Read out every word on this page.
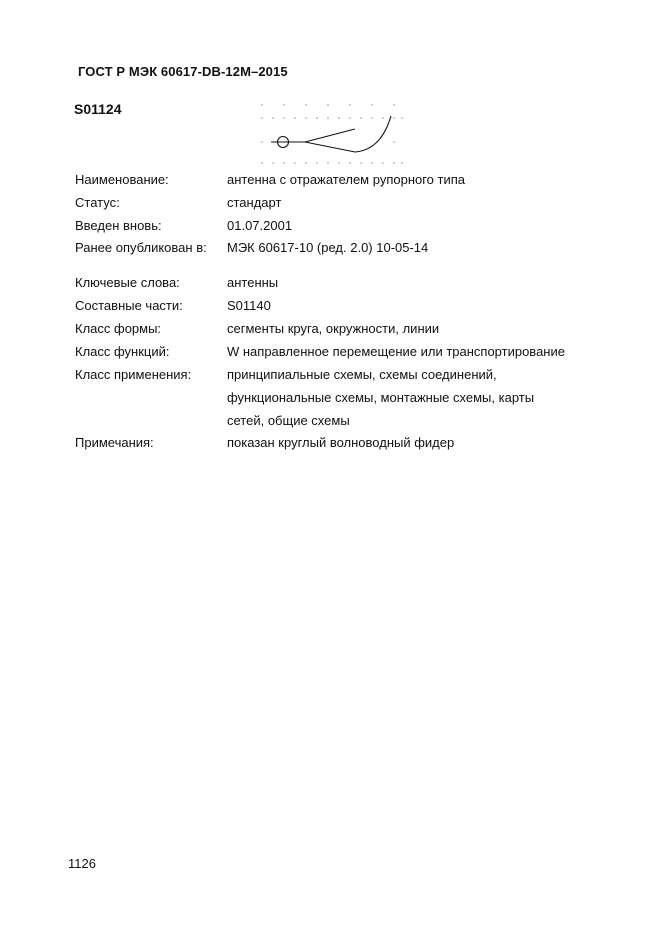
ГОСТ Р МЭК 60617-DB-12M–2015
S01124
Наименование:	антенна с отражателем рупорного типа
Статус:	стандарт
Введен вновь:	01.07.2001
Ранее опубликован в: МЭК 60617-10 (ред. 2.0) 10-05-14
Ключевые слова:	антенны
Составные части:	S01140
Класс формы:	сегменты круга, окружности, линии
Класс функций:	W направленное перемещение или транспортирование
Класс применения:	принципиальные схемы, схемы соединений,
функциональные схемы, монтажные схемы, карты
сетей, общие схемы
Примечания:	показан круглый волноводный фидер
1126
